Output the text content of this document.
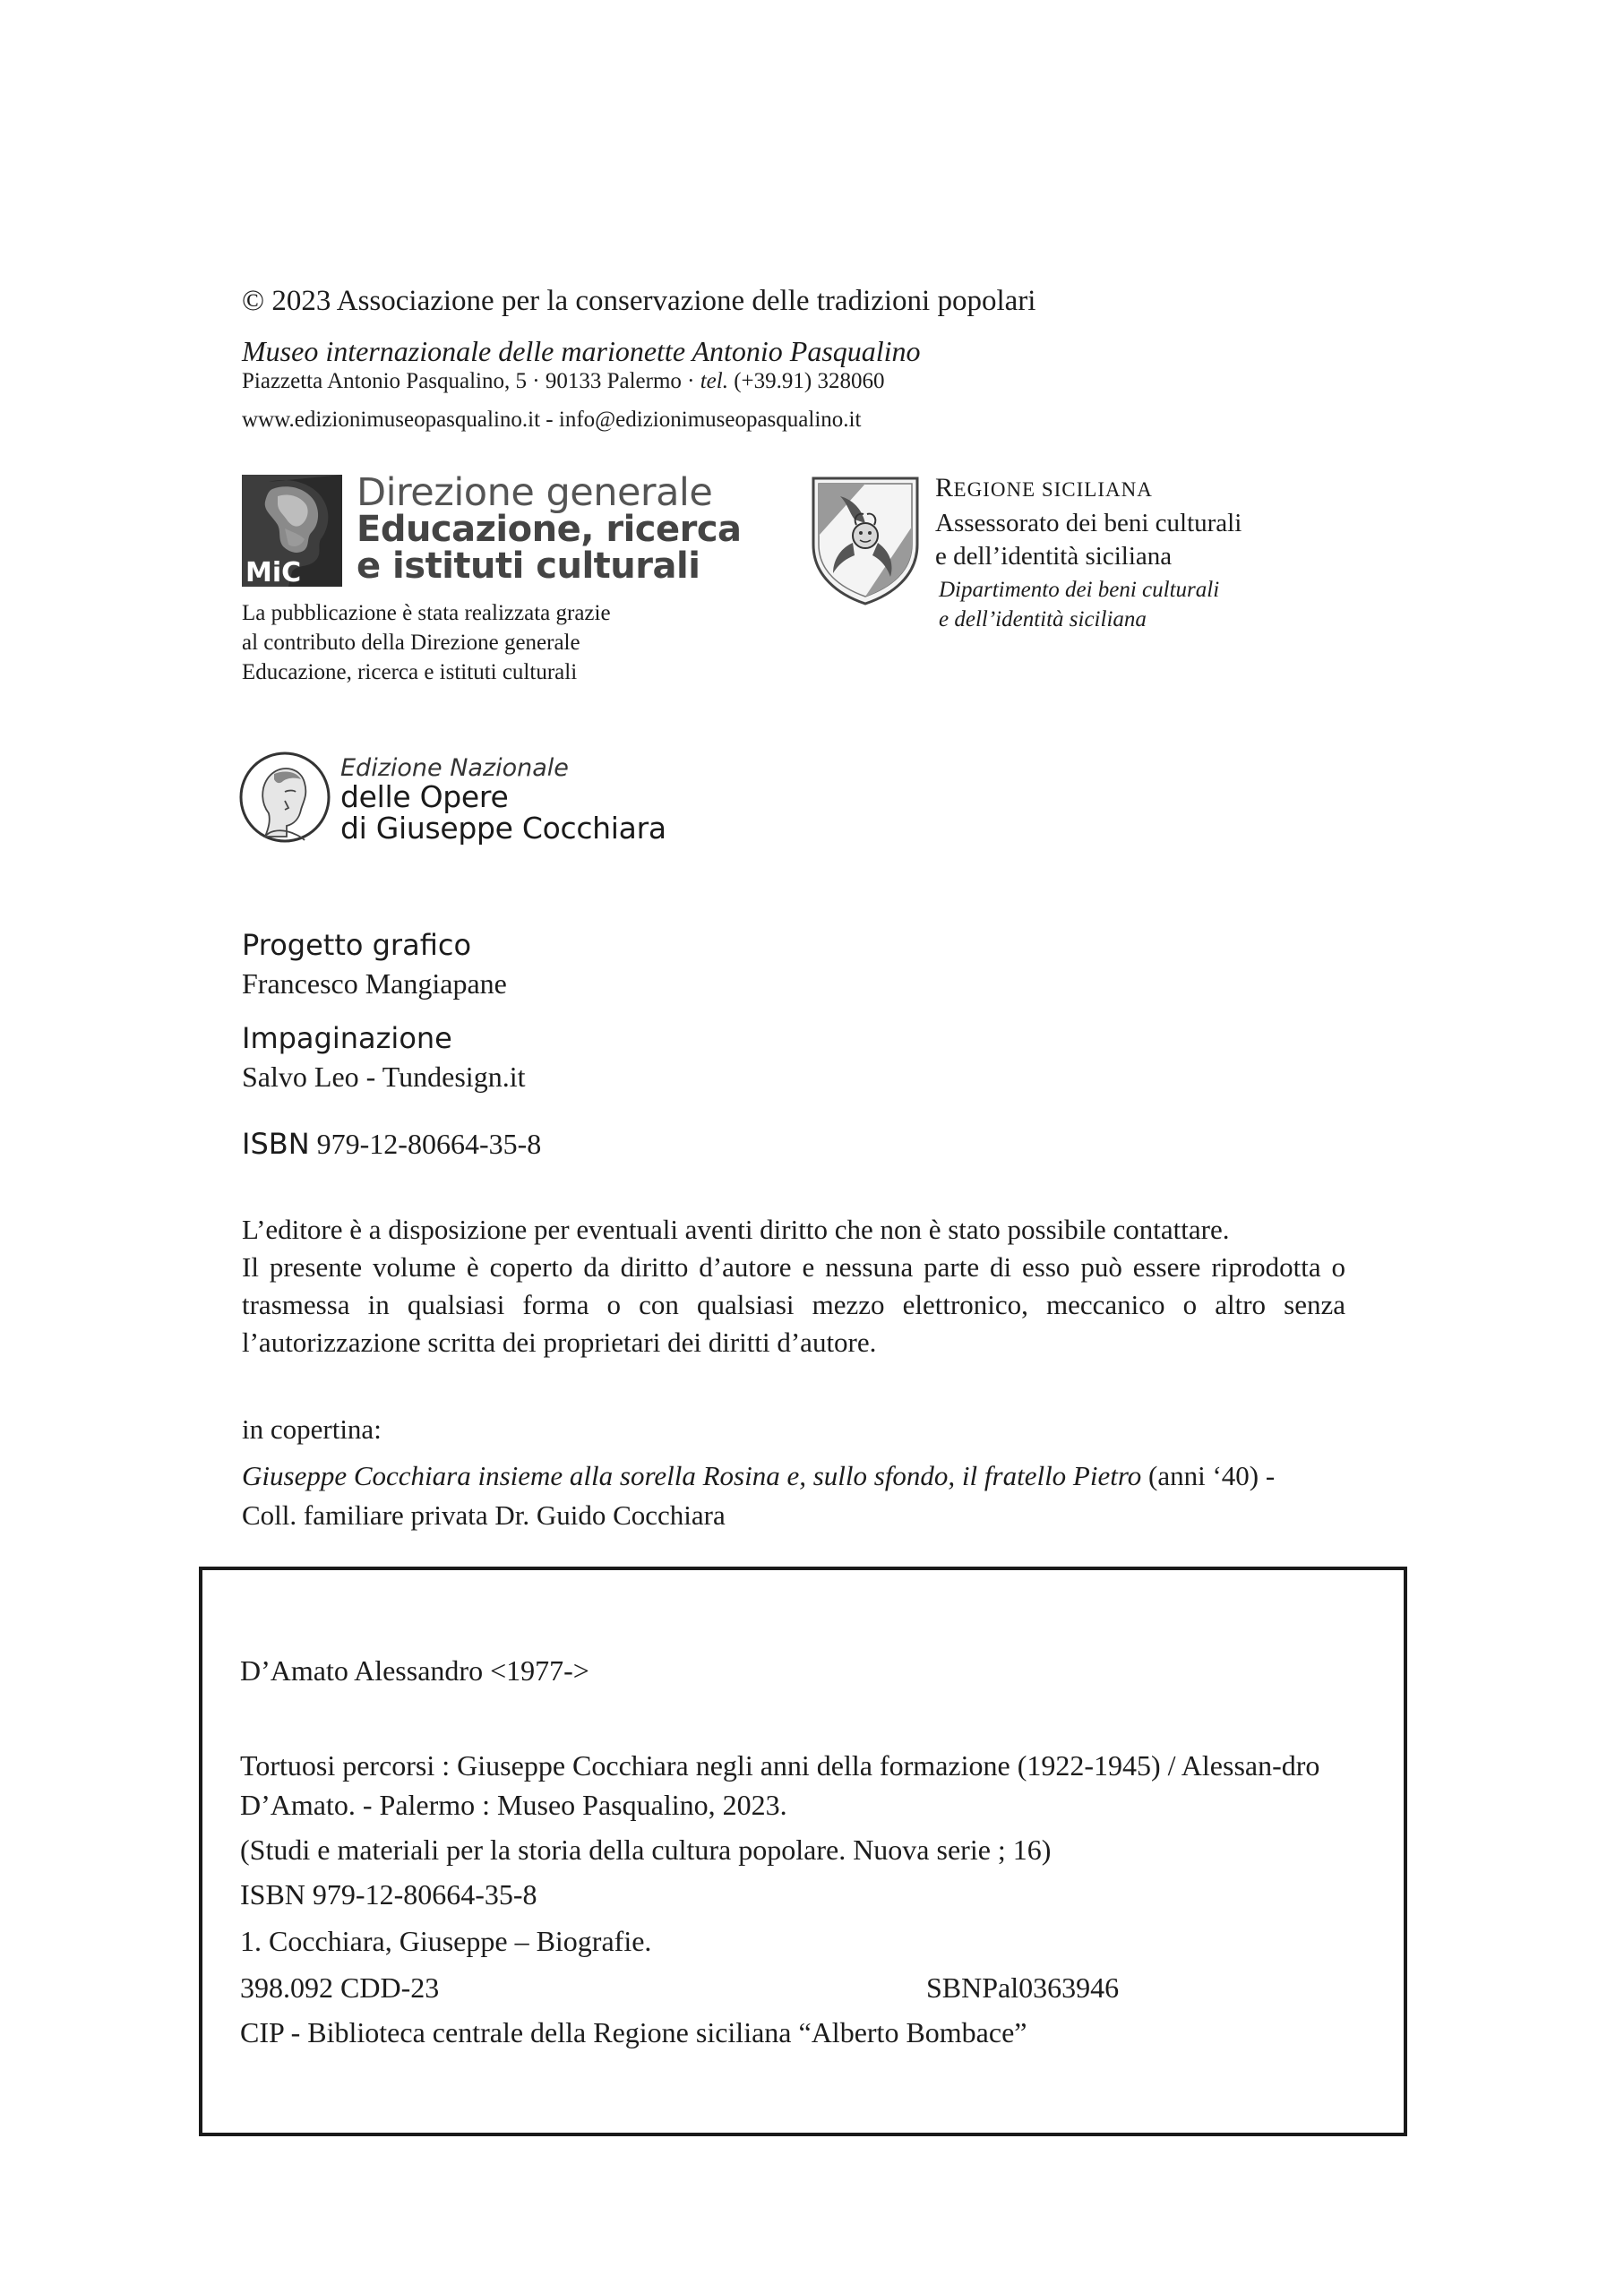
© 2023 Associazione per la conservazione delle tradizioni popolari
Museo internazionale delle marionette Antonio Pasqualino
Piazzetta Antonio Pasqualino, 5 · 90133 Palermo · tel. (+39.91) 328060
www.edizionimuseopasqualino.it - info@edizionimuseopasqualino.it
MiC
Direzione generale
Educazione, ricerca
e istituti culturali
La pubblicazione è stata realizzata grazie
al contributo della Direzione generale
Educazione, ricerca e istituti culturali
REGIONE SICILIANA
Assessorato dei beni culturali
e dell’identità siciliana
Dipartimento dei beni culturali
e dell’identità siciliana
Edizione Nazionale
delle Opere
di Giuseppe Cocchiara
Progetto grafico
Francesco Mangiapane
Impaginazione
Salvo Leo - Tundesign.it
ISBN 979-12-80664-35-8

L’editore è a disposizione per eventuali aventi diritto che non è stato possibile contattare.

Il presente volume è coperto da diritto d’autore e nessuna parte di esso può essere riprodotta o trasmessa in qualsiasi forma o con qualsiasi mezzo elettronico, meccanico o altro senza l’autorizzazione scritta dei proprietari dei diritti d’autore.

in copertina:
Giuseppe Cocchiara insieme alla sorella Rosina e, sullo sfondo, il fratello Pietro (anni ‘40) -
Coll. familiare privata Dr. Guido Cocchiara
D’Amato Alessandro <1977->
Tortuosi percorsi : Giuseppe Cocchiara negli anni della formazione (1922-1945) / Alessan-dro D’Amato. - Palermo : Museo Pasqualino, 2023.
(Studi e materiali per la storia della cultura popolare. Nuova serie ; 16)
ISBN 979-12-80664-35-8
1. Cocchiara, Giuseppe – Biografie.
398.092 CDD-23	SBNPal0363946
CIP - Biblioteca centrale della Regione siciliana “Alberto Bombace”
